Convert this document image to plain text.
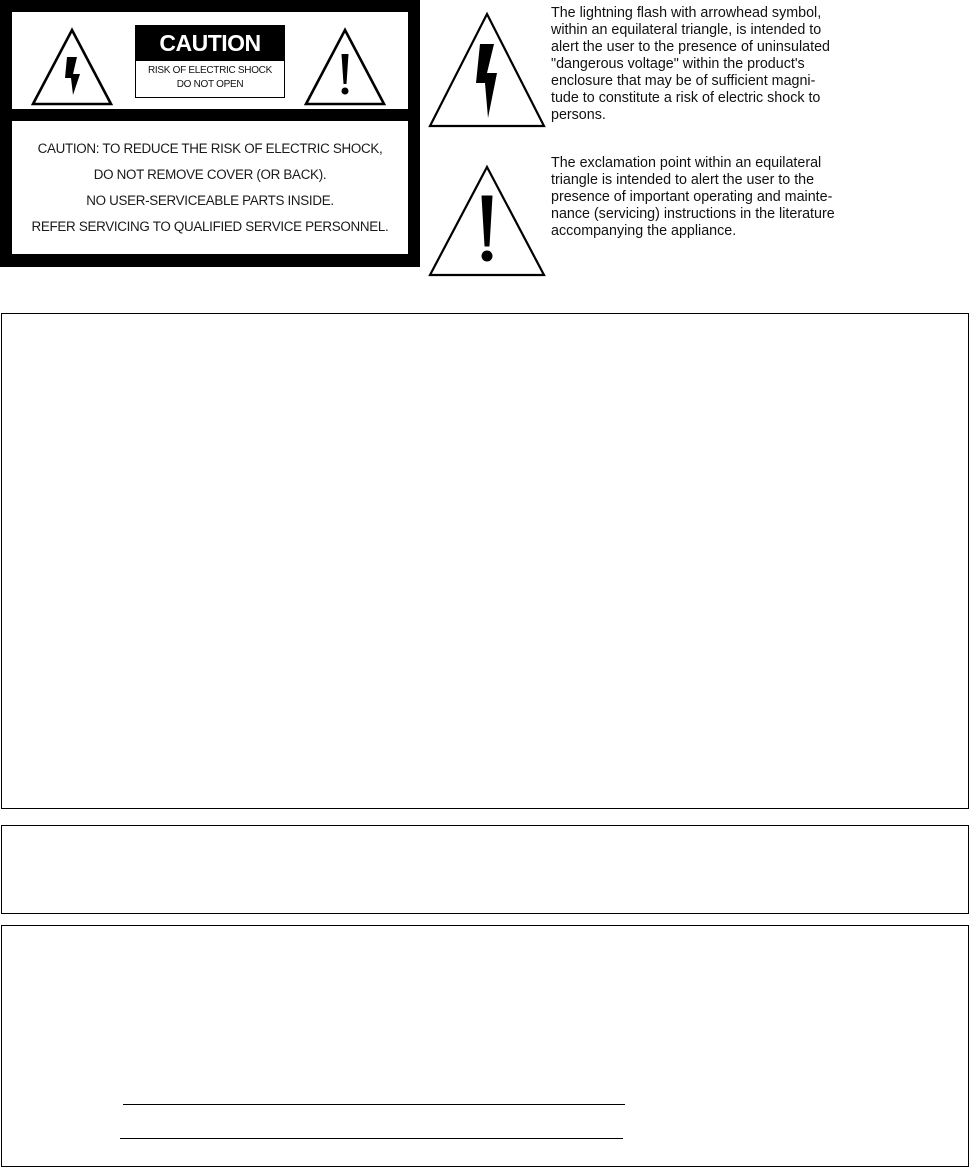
CAUTION
RISK OF ELECTRIC SHOCK
DO NOT OPEN
CAUTION: TO REDUCE THE RISK OF ELECTRIC SHOCK,
DO NOT REMOVE COVER (OR BACK).
NO USER-SERVICEABLE PARTS INSIDE.
REFER SERVICING TO QUALIFIED SERVICE PERSONNEL.
The lightning flash with arrowhead symbol,
within an equilateral triangle, is intended to
alert the user to the presence of uninsulated
"dangerous voltage" within the product's
enclosure that may be of sufficient magni-
tude to constitute a risk of electric shock to
persons.
The exclamation point within an equilateral
triangle is intended to alert the user to the
presence of important operating and mainte-
nance (servicing) instructions in the literature
accompanying the appliance.
